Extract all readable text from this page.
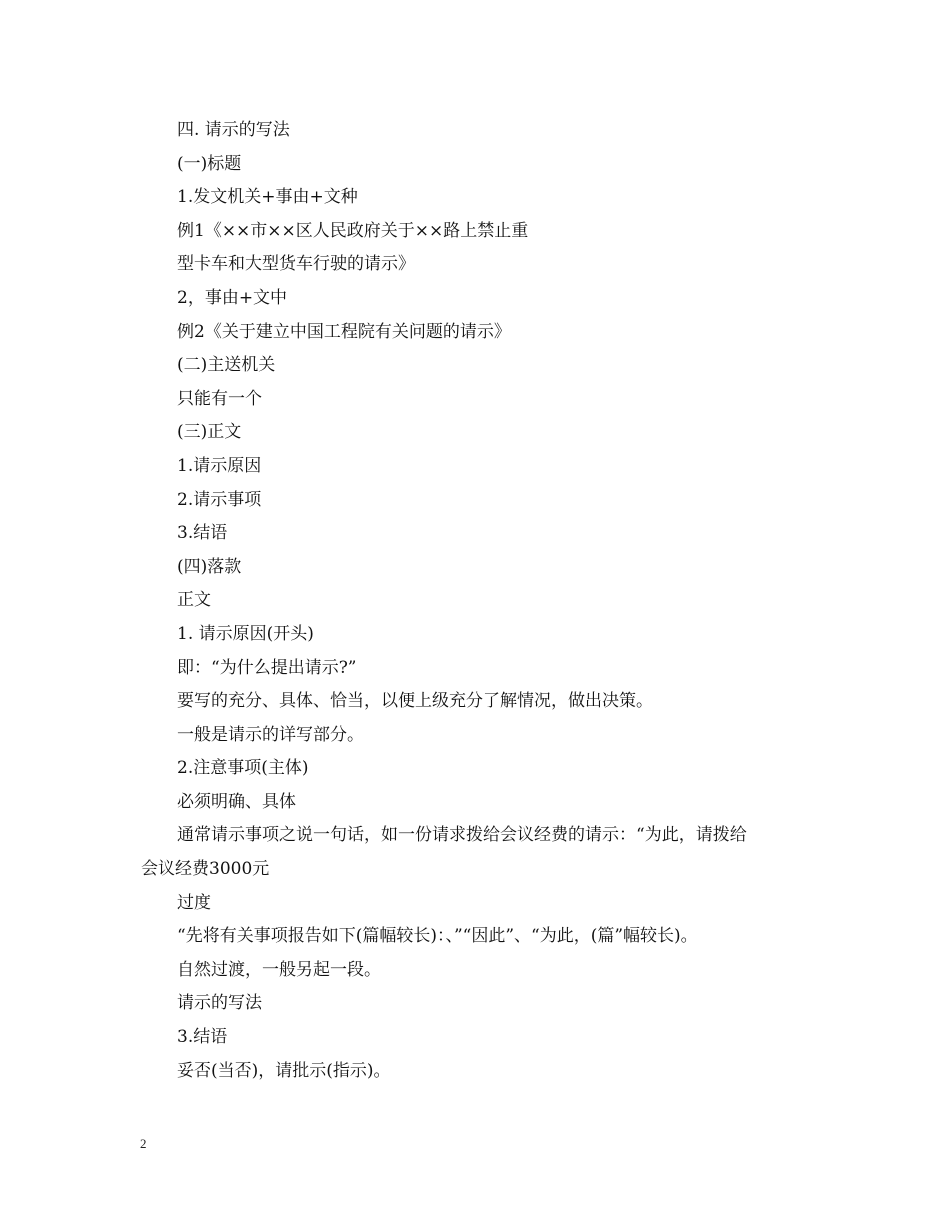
四. 请示的写法
(一)标题
1.发文机关+事由+文种
例1《××市××区人民政府关于××路上禁止重
型卡车和大型货车行驶的请示》
2，事由+文中
例2《关于建立中国工程院有关问题的请示》
(二)主送机关
只能有一个
(三)正文
1.请示原因
2.请示事项
3.结语
(四)落款
正文
1. 请示原因(开头)
即：“为什么提出请示?”
要写的充分、具体、恰当，以便上级充分了解情况，做出决策。
一般是请示的详写部分。
2.注意事项(主体)
必须明确、具体
通常请示事项之说一句话，如一份请求拨给会议经费的请示：“为此，请拨给
会议经费3000元
过度
“先将有关事项报告如下(篇幅较长)：、”“因此”、“为此，(篇”幅较长)。
自然过渡，一般另起一段。
请示的写法
3.结语
妥否(当否)，请批示(指示)。
2
